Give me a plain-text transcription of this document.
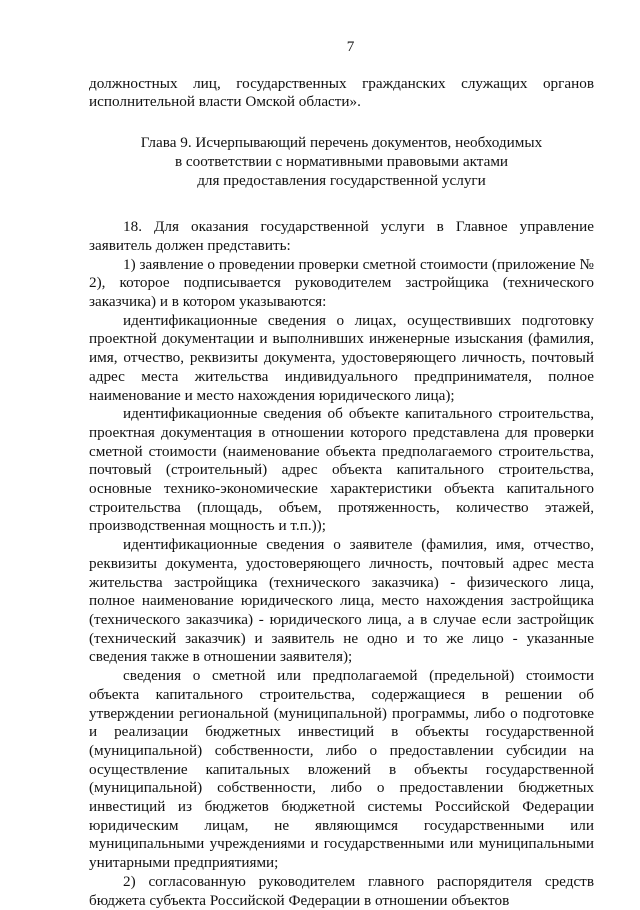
7

должностных лиц, государственных гражданских служащих органов исполнительной власти Омской области».

Глава 9. Исчерпывающий перечень документов, необходимых
в соответствии с нормативными правовыми актами
для предоставления государственной услуги

18. Для оказания государственной услуги в Главное управление заявитель должен представить:

1) заявление о проведении проверки сметной стоимости (приложение № 2), которое подписывается руководителем застройщика (технического заказчика) и в котором указываются:

идентификационные сведения о лицах, осуществивших подготовку проектной документации и выполнивших инженерные изыскания (фамилия, имя, отчество, реквизиты документа, удостоверяющего личность, почтовый адрес места жительства индивидуального предпринимателя, полное наименование и место нахождения юридического лица);

идентификационные сведения об объекте капитального строительства, проектная документация в отношении которого представлена для проверки сметной стоимости (наименование объекта предполагаемого строительства, почтовый (строительный) адрес объекта капитального строительства, основные технико-экономические характеристики объекта капитального строительства (площадь, объем, протяженность, количество этажей, производственная мощность и т.п.));

идентификационные сведения о заявителе (фамилия, имя, отчество, реквизиты документа, удостоверяющего личность, почтовый адрес места жительства застройщика (технического заказчика) - физического лица, полное наименование юридического лица, место нахождения застройщика (технического заказчика) - юридического лица, а в случае если застройщик (технический заказчик) и заявитель не одно и то же лицо - указанные сведения также в отношении заявителя);

сведения о сметной или предполагаемой (предельной) стоимости объекта капитального строительства, содержащиеся в решении об утверждении региональной (муниципальной) программы, либо о подготовке и реализации бюджетных инвестиций в объекты государственной (муниципальной) собственности, либо о предоставлении субсидии на осуществление капитальных вложений в объекты государственной (муниципальной) собственности, либо о предоставлении бюджетных инвестиций из бюджетов бюджетной системы Российской Федерации юридическим лицам, не являющимся государственными или муниципальными учреждениями и государственными или муниципальными унитарными предприятиями;

2) согласованную руководителем главного распорядителя средств бюджета субъекта Российской Федерации в отношении объектов
